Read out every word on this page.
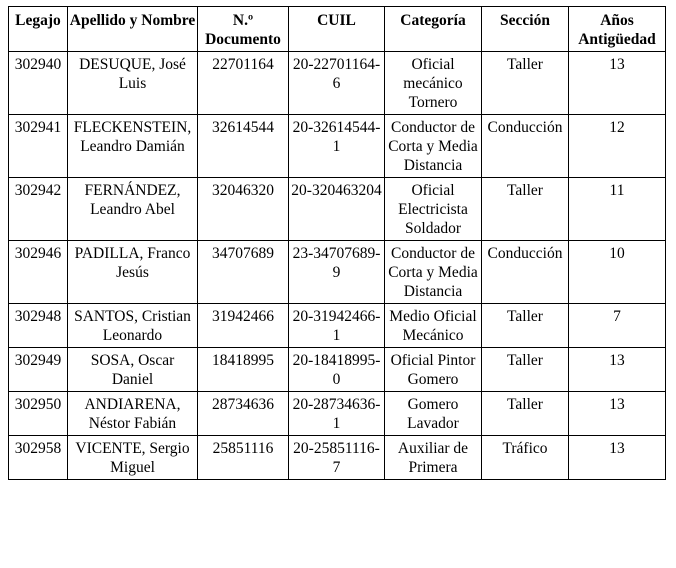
Legajo	Apellido y Nombre	N.º Documento	CUIL	Categoría	Sección	Años Antigüedad
302940	DESUQUE, José Luis	22701164	20-22701164-6	Oficial mecánico Tornero	Taller	13
302941	FLECKENSTEIN, Leandro Damián	32614544	20-32614544-1	Conductor de Corta y Media Distancia	Conducción	12
302942	FERNÁNDEZ, Leandro Abel	32046320	20-320463204	Oficial Electricista Soldador	Taller	11
302946	PADILLA, Franco Jesús	34707689	23-34707689-9	Conductor de Corta y Media Distancia	Conducción	10
302948	SANTOS, Cristian Leonardo	31942466	20-31942466-1	Medio Oficial Mecánico	Taller	7
302949	SOSA, Oscar Daniel	18418995	20-18418995-0	Oficial Pintor Gomero	Taller	13
302950	ANDIARENA, Néstor Fabián	28734636	20-28734636-1	Gomero Lavador	Taller	13
302958	VICENTE, Sergio Miguel	25851116	20-25851116-7	Auxiliar de Primera	Tráfico	13
